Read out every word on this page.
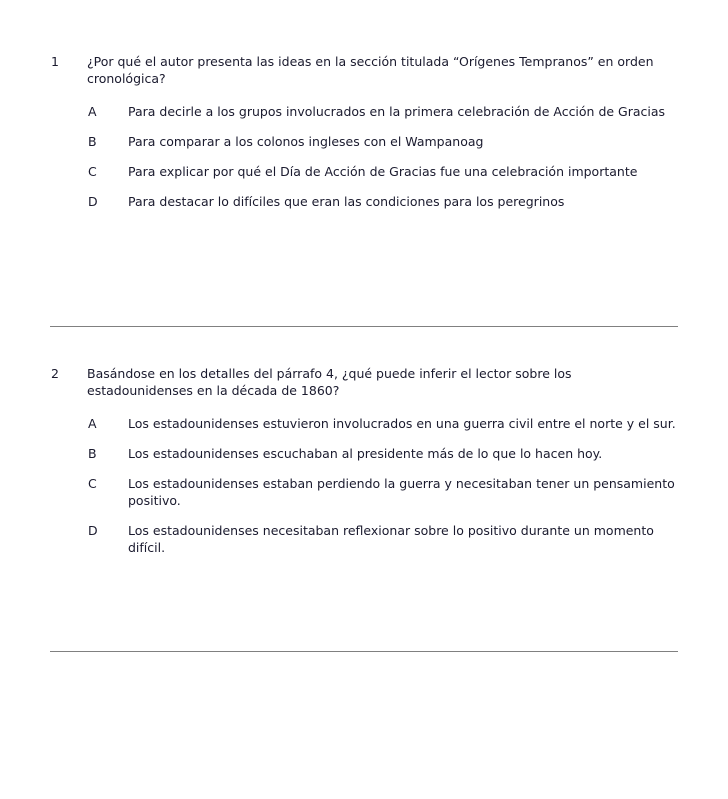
1	¿Por qué el autor presenta las ideas en la sección titulada “Orígenes Tempranos” en orden cronológica?
A	Para decirle a los grupos involucrados en la primera celebración de Acción de Gracias
B	Para comparar a los colonos ingleses con el Wampanoag
C	Para explicar por qué el Día de Acción de Gracias fue una celebración importante
D	Para destacar lo difíciles que eran las condiciones para los peregrinos
2	Basándose en los detalles del párrafo 4, ¿qué puede inferir el lector sobre los estadounidenses en la década de 1860?
A	Los estadounidenses estuvieron involucrados en una guerra civil entre el norte y el sur.
B	Los estadounidenses escuchaban al presidente más de lo que lo hacen hoy.
C	Los estadounidenses estaban perdiendo la guerra y necesitaban tener un pensamiento positivo.
D	Los estadounidenses necesitaban reflexionar sobre lo positivo durante un momento difícil.
